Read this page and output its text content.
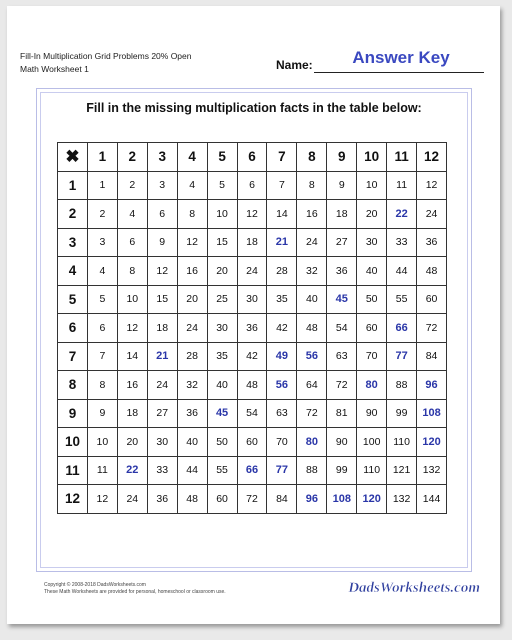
Fill-In Multiplication Grid Problems 20% Open
Math Worksheet 1	Name:	Answer Key
Fill in the missing multiplication facts in the table below:
✖	1	2	3	4	5	6	7	8	9	10	11	12
1	1	2	3	4	5	6	7	8	9	10	11	12
2	2	4	6	8	10	12	14	16	18	20	22	24
3	3	6	9	12	15	18	21	24	27	30	33	36
4	4	8	12	16	20	24	28	32	36	40	44	48
5	5	10	15	20	25	30	35	40	45	50	55	60
6	6	12	18	24	30	36	42	48	54	60	66	72
7	7	14	21	28	35	42	49	56	63	70	77	84
8	8	16	24	32	40	48	56	64	72	80	88	96
9	9	18	27	36	45	54	63	72	81	90	99	108
10	10	20	30	40	50	60	70	80	90	100	110	120
11	11	22	33	44	55	66	77	88	99	110	121	132
12	12	24	36	48	60	72	84	96	108	120	132	144
Copyright © 2008-2018 DadsWorksheets.com
These Math Worksheets are provided for personal, homeschool or classroom use.	DadsWorksheets.com
